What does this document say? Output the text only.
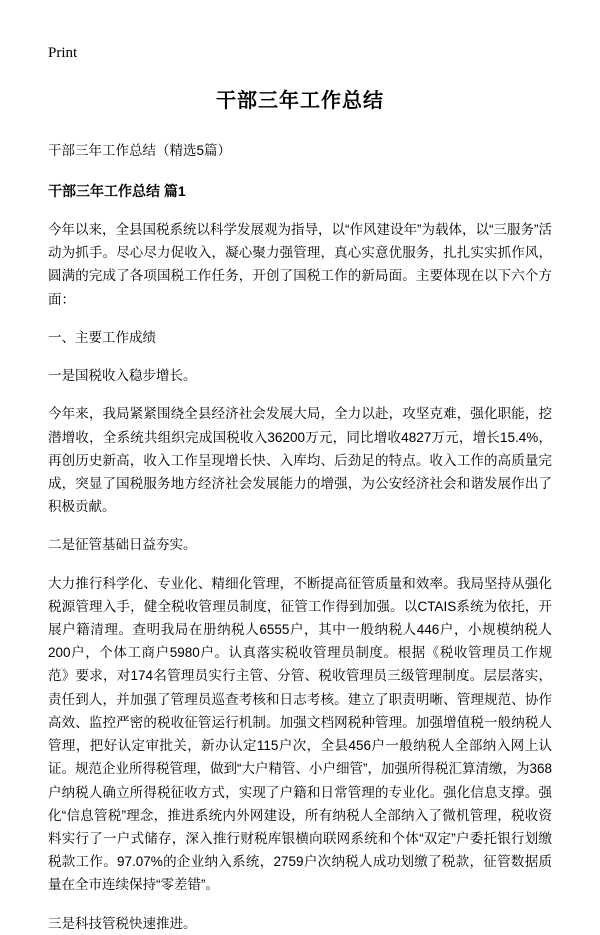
Print
干部三年工作总结
干部三年工作总结（精选5篇）
干部三年工作总结 篇1

今年以来，全县国税系统以科学发展观为指导，以“作风建设年”为载体，以“三服务”活动为抓手。尽心尽力促收入，凝心聚力强管理，真心实意优服务，扎扎实实抓作风，圆满的完成了各项国税工作任务，开创了国税工作的新局面。主要体现在以下六个方面：

一、主要工作成绩

一是国税收入稳步增长。

今年来，我局紧紧围绕全县经济社会发展大局，全力以赴，攻坚克难，强化职能，挖潜增收，全系统共组织完成国税收入36200万元，同比增收4827万元，增长15.4%，再创历史新高，收入工作呈现增长快、入库均、后劲足的特点。收入工作的高质量完成，突显了国税服务地方经济社会发展能力的增强，为公安经济社会和谐发展作出了积极贡献。

二是征管基础日益夯实。

大力推行科学化、专业化、精细化管理，不断提高征管质量和效率。我局坚持从强化税源管理入手，健全税收管理员制度，征管工作得到加强。以CTAIS系统为依托，开展户籍清理。查明我局在册纳税人6555户，其中一般纳税人446户，小规模纳税人200户，个体工商户5980户。认真落实税收管理员制度。根据《税收管理员工作规范》要求，对174名管理员实行主管、分管、税收管理员三级管理制度。层层落实，责任到人，并加强了管理员巡查考核和日志考核。建立了职责明晰、管理规范、协作高效、监控严密的税收征管运行机制。加强文档网税种管理。加强增值税一般纳税人管理，把好认定审批关，新办认定115户次，全县456户一般纳税人全部纳入网上认证。规范企业所得税管理，做到“大户精管、小户细管”，加强所得税汇算清缴，为368户纳税人确立所得税征收方式，实现了户籍和日常管理的专业化。强化信息支撑。强化“信息管税”理念，推进系统内外网建设，所有纳税人全部纳入了微机管理，税收资料实行了一户式储存，深入推行财税库银横向联网系统和个体“双定”户委托银行划缴税款工作。97.07%的企业纳入系统，2759户次纳税人成功划缴了税款，征管数据质量在全市连续保持“零差错”。

三是科技管税快速推进。
